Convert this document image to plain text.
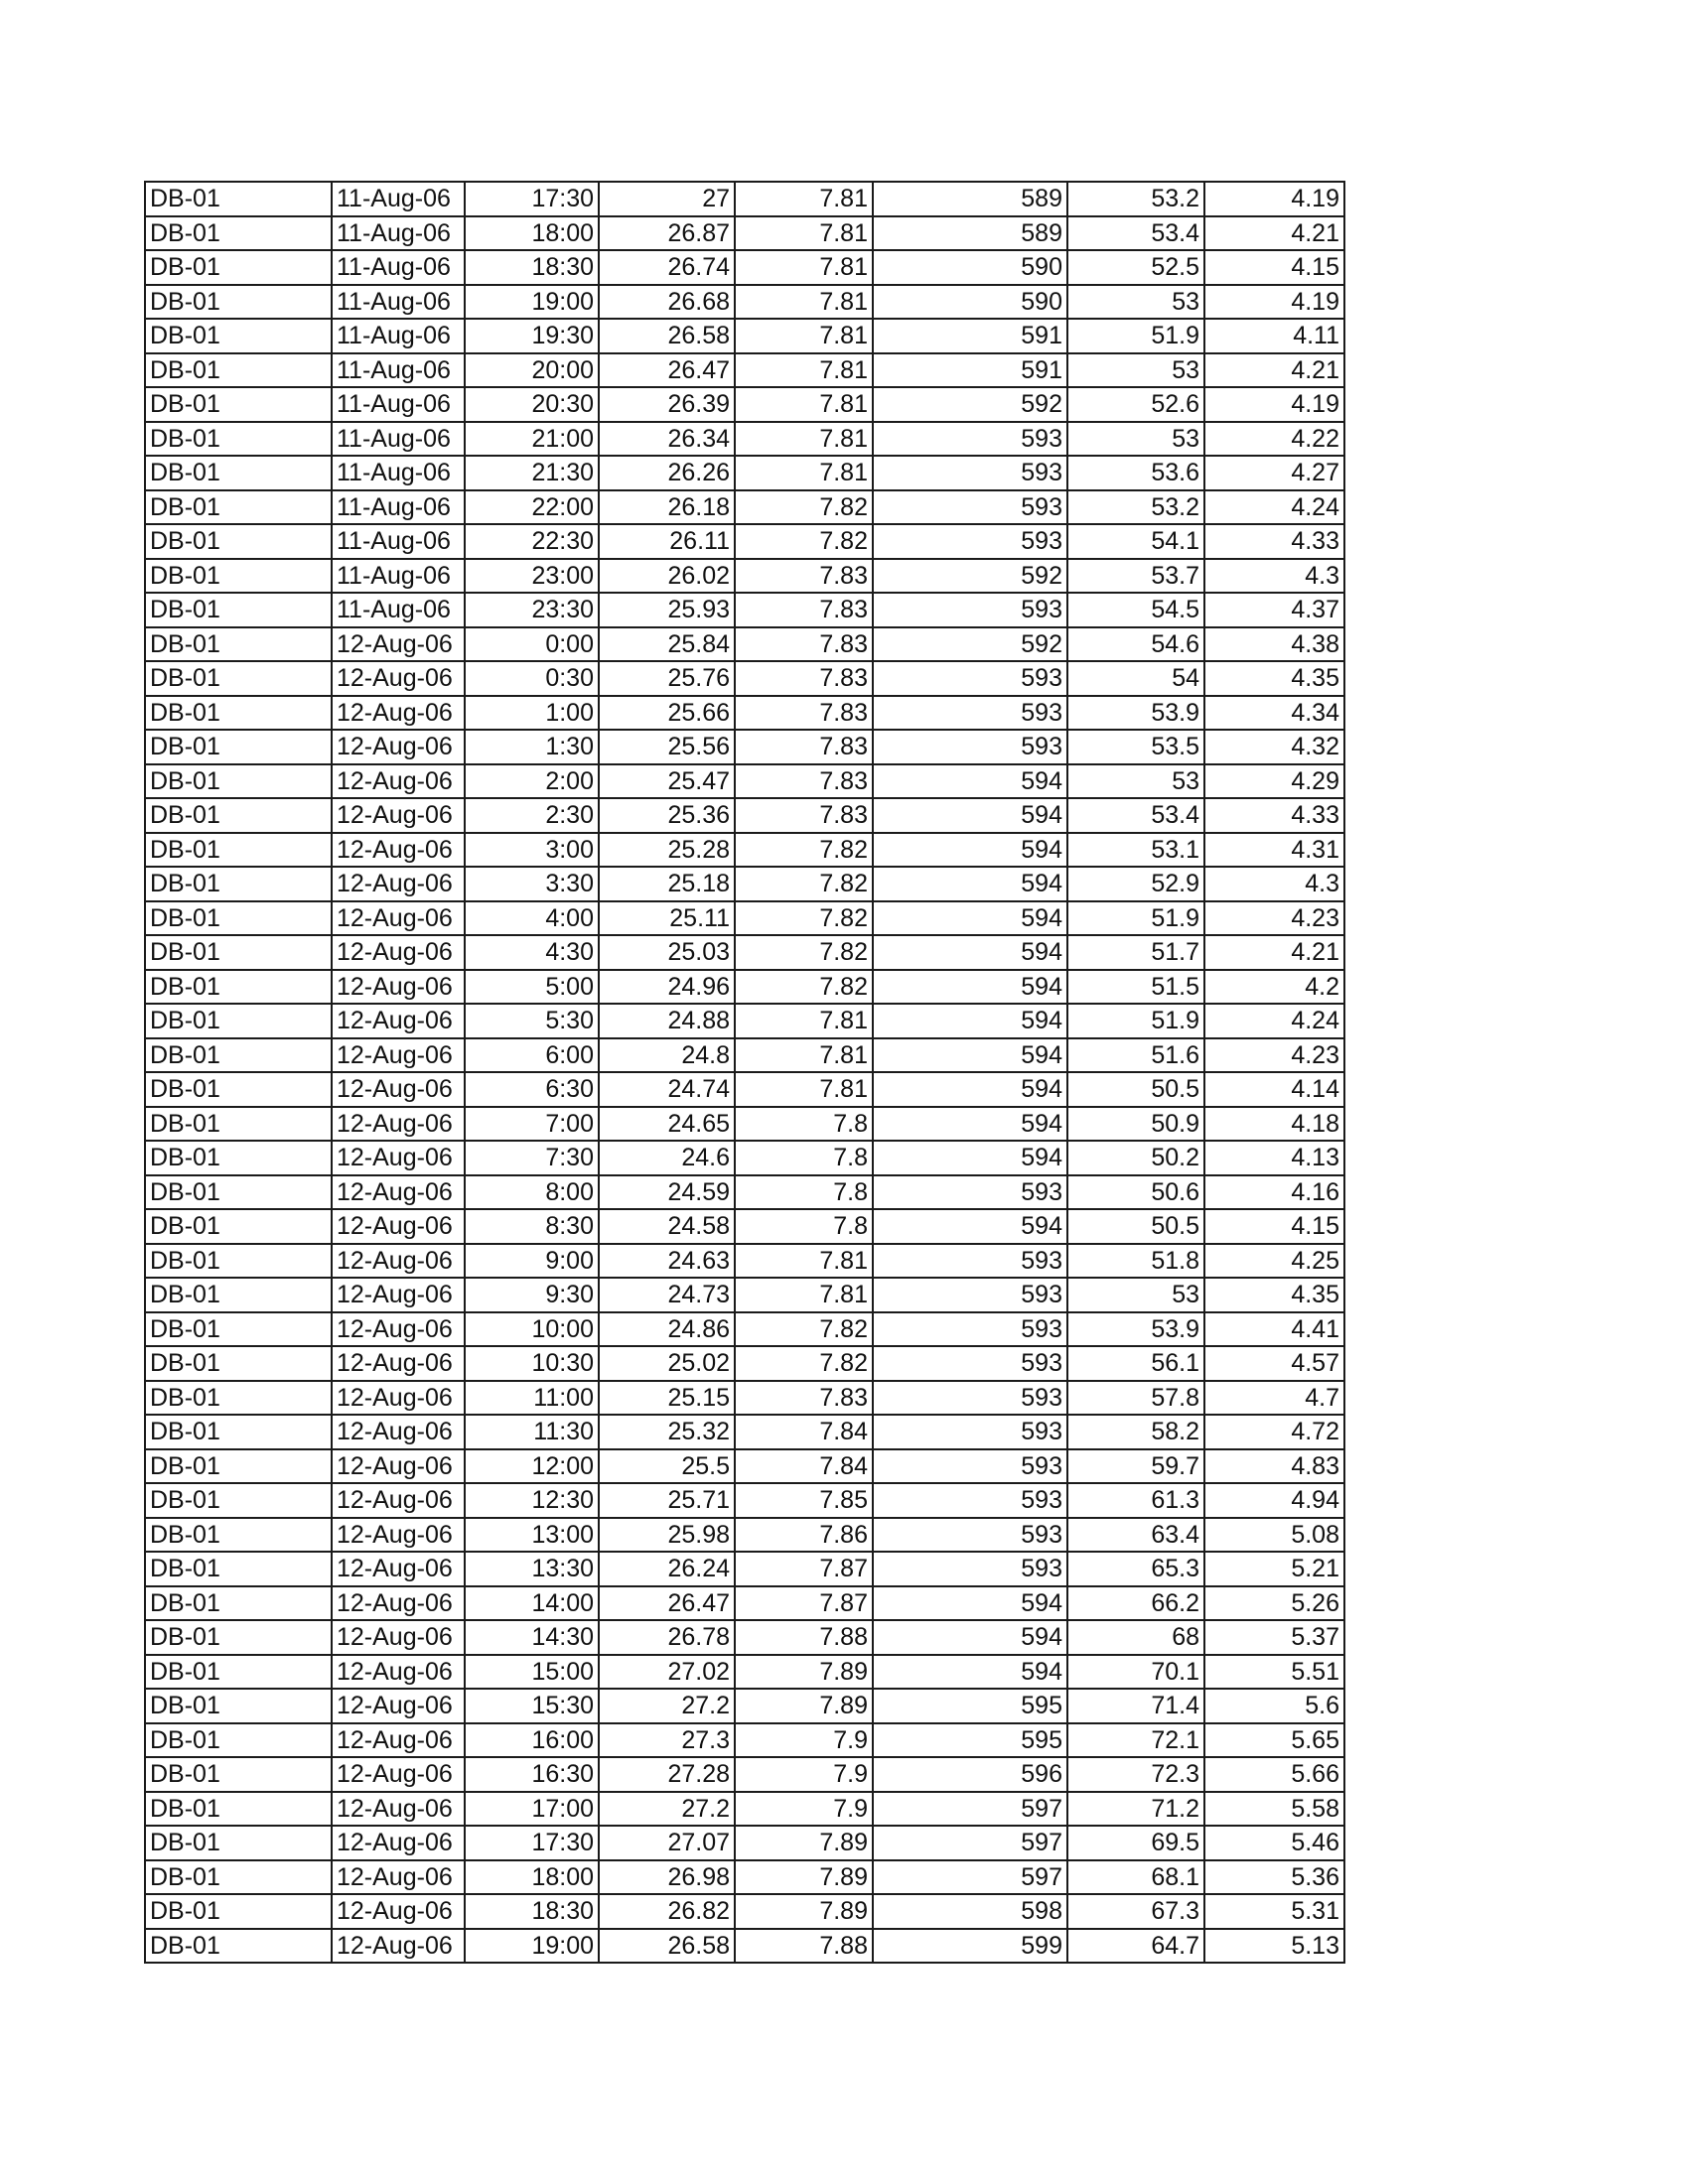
DB-01	11-Aug-06	17:30	27	7.81	589	53.2	4.19
DB-01	11-Aug-06	18:00	26.87	7.81	589	53.4	4.21
DB-01	11-Aug-06	18:30	26.74	7.81	590	52.5	4.15
DB-01	11-Aug-06	19:00	26.68	7.81	590	53	4.19
DB-01	11-Aug-06	19:30	26.58	7.81	591	51.9	4.11
DB-01	11-Aug-06	20:00	26.47	7.81	591	53	4.21
DB-01	11-Aug-06	20:30	26.39	7.81	592	52.6	4.19
DB-01	11-Aug-06	21:00	26.34	7.81	593	53	4.22
DB-01	11-Aug-06	21:30	26.26	7.81	593	53.6	4.27
DB-01	11-Aug-06	22:00	26.18	7.82	593	53.2	4.24
DB-01	11-Aug-06	22:30	26.11	7.82	593	54.1	4.33
DB-01	11-Aug-06	23:00	26.02	7.83	592	53.7	4.3
DB-01	11-Aug-06	23:30	25.93	7.83	593	54.5	4.37
DB-01	12-Aug-06	0:00	25.84	7.83	592	54.6	4.38
DB-01	12-Aug-06	0:30	25.76	7.83	593	54	4.35
DB-01	12-Aug-06	1:00	25.66	7.83	593	53.9	4.34
DB-01	12-Aug-06	1:30	25.56	7.83	593	53.5	4.32
DB-01	12-Aug-06	2:00	25.47	7.83	594	53	4.29
DB-01	12-Aug-06	2:30	25.36	7.83	594	53.4	4.33
DB-01	12-Aug-06	3:00	25.28	7.82	594	53.1	4.31
DB-01	12-Aug-06	3:30	25.18	7.82	594	52.9	4.3
DB-01	12-Aug-06	4:00	25.11	7.82	594	51.9	4.23
DB-01	12-Aug-06	4:30	25.03	7.82	594	51.7	4.21
DB-01	12-Aug-06	5:00	24.96	7.82	594	51.5	4.2
DB-01	12-Aug-06	5:30	24.88	7.81	594	51.9	4.24
DB-01	12-Aug-06	6:00	24.8	7.81	594	51.6	4.23
DB-01	12-Aug-06	6:30	24.74	7.81	594	50.5	4.14
DB-01	12-Aug-06	7:00	24.65	7.8	594	50.9	4.18
DB-01	12-Aug-06	7:30	24.6	7.8	594	50.2	4.13
DB-01	12-Aug-06	8:00	24.59	7.8	593	50.6	4.16
DB-01	12-Aug-06	8:30	24.58	7.8	594	50.5	4.15
DB-01	12-Aug-06	9:00	24.63	7.81	593	51.8	4.25
DB-01	12-Aug-06	9:30	24.73	7.81	593	53	4.35
DB-01	12-Aug-06	10:00	24.86	7.82	593	53.9	4.41
DB-01	12-Aug-06	10:30	25.02	7.82	593	56.1	4.57
DB-01	12-Aug-06	11:00	25.15	7.83	593	57.8	4.7
DB-01	12-Aug-06	11:30	25.32	7.84	593	58.2	4.72
DB-01	12-Aug-06	12:00	25.5	7.84	593	59.7	4.83
DB-01	12-Aug-06	12:30	25.71	7.85	593	61.3	4.94
DB-01	12-Aug-06	13:00	25.98	7.86	593	63.4	5.08
DB-01	12-Aug-06	13:30	26.24	7.87	593	65.3	5.21
DB-01	12-Aug-06	14:00	26.47	7.87	594	66.2	5.26
DB-01	12-Aug-06	14:30	26.78	7.88	594	68	5.37
DB-01	12-Aug-06	15:00	27.02	7.89	594	70.1	5.51
DB-01	12-Aug-06	15:30	27.2	7.89	595	71.4	5.6
DB-01	12-Aug-06	16:00	27.3	7.9	595	72.1	5.65
DB-01	12-Aug-06	16:30	27.28	7.9	596	72.3	5.66
DB-01	12-Aug-06	17:00	27.2	7.9	597	71.2	5.58
DB-01	12-Aug-06	17:30	27.07	7.89	597	69.5	5.46
DB-01	12-Aug-06	18:00	26.98	7.89	597	68.1	5.36
DB-01	12-Aug-06	18:30	26.82	7.89	598	67.3	5.31
DB-01	12-Aug-06	19:00	26.58	7.88	599	64.7	5.13
